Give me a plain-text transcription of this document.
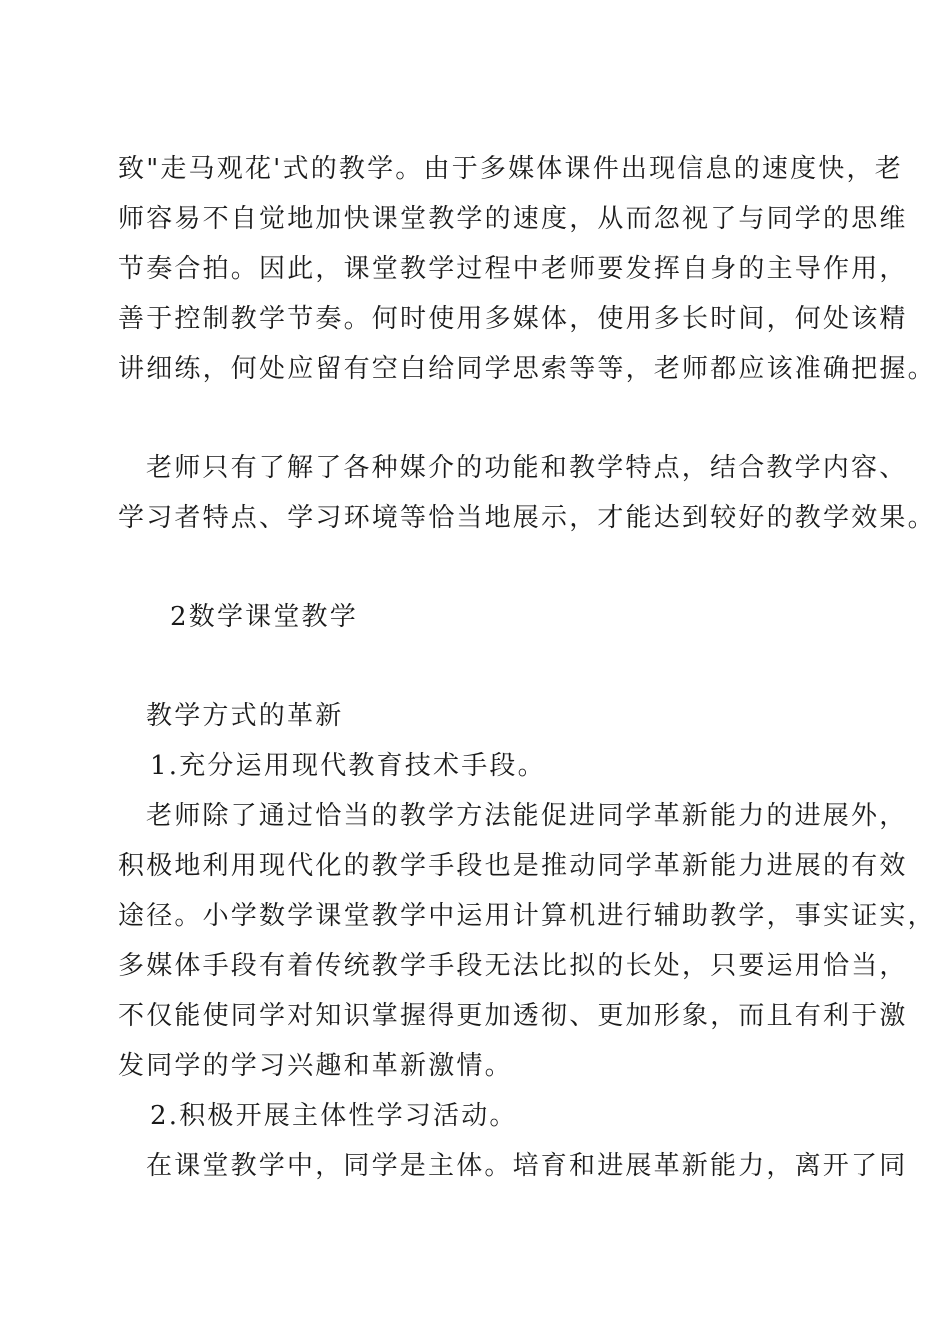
致"走马观花'式的教学。由于多媒体课件出现信息的速度快，老
师容易不自觉地加快课堂教学的速度，从而忽视了与同学的思维
节奏合拍。因此，课堂教学过程中老师要发挥自身的主导作用，
善于控制教学节奏。何时使用多媒体，使用多长时间，何处该精
讲细练，何处应留有空白给同学思索等等，老师都应该准确把握。
老师只有了解了各种媒介的功能和教学特点，结合教学内容、
学习者特点、学习环境等恰当地展示，才能达到较好的教学效果。
2数学课堂教学
教学方式的革新
1.充分运用现代教育技术手段。
老师除了通过恰当的教学方法能促进同学革新能力的进展外，
积极地利用现代化的教学手段也是推动同学革新能力进展的有效
途径。小学数学课堂教学中运用计算机进行辅助教学，事实证实，
多媒体手段有着传统教学手段无法比拟的长处，只要运用恰当，
不仅能使同学对知识掌握得更加透彻、更加形象，而且有利于激
发同学的学习兴趣和革新激情。
2.积极开展主体性学习活动。
在课堂教学中，同学是主体。培育和进展革新能力，离开了同
